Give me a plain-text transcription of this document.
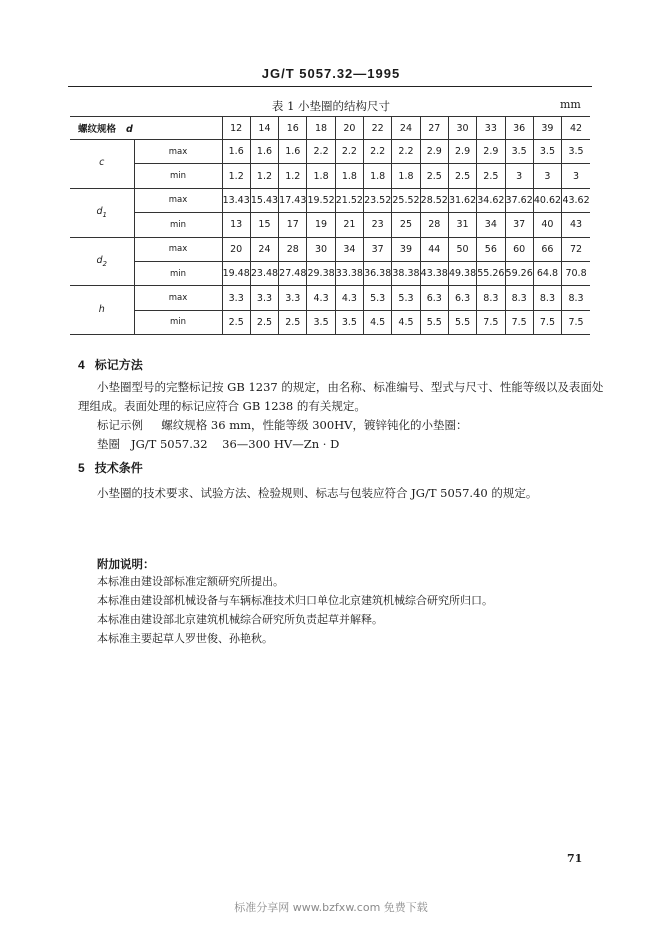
JG/T 5057.32—1995
表 1 小垫圈的结构尺寸	mm
螺纹规格 d		12	14	16	18	20	22	24	27	30	33	36	39	42
c	max	1.6	1.6	1.6	2.2	2.2	2.2	2.2	2.9	2.9	2.9	3.5	3.5	3.5
	min	1.2	1.2	1.2	1.8	1.8	1.8	1.8	2.5	2.5	2.5	3	3	3
$d_1$	max	13.43	15.43	17.43	19.52	21.52	23.52	25.52	28.52	31.62	34.62	37.62	40.62	43.62
	min	13	15	17	19	21	23	25	28	31	34	37	40	43
$d_2$	max	20	24	28	30	34	37	39	44	50	56	60	66	72
	min	19.48	23.48	27.48	29.38	33.38	36.38	38.38	43.38	49.38	55.26	59.26	64.8	70.8
h	max	3.3	3.3	3.3	4.3	4.3	5.3	5.3	6.3	6.3	8.3	8.3	8.3	8.3
	min	2.5	2.5	2.5	3.5	3.5	4.5	4.5	5.5	5.5	7.5	7.5	7.5	7.5
4 标记方法
小垫圈型号的完整标记按 GB 1237 的规定，由名称、标准编号、型式与尺寸、性能等级以及表面处
理组成。表面处理的标记应符合 GB 1238 的有关规定。
标记示例 螺纹规格 36 mm，性能等级 300HV，镀锌钝化的小垫圈：
垫圈 JG/T 5057.32 36—300 HV—Zn · D
5 技术条件
小垫圈的技术要求、试验方法、检验规则、标志与包装应符合 JG/T 5057.40 的规定。
附加说明：
本标准由建设部标准定额研究所提出。
本标准由建设部机械设备与车辆标准技术归口单位北京建筑机械综合研究所归口。
本标准由建设部北京建筑机械综合研究所负责起草并解释。
本标准主要起草人罗世俊、孙艳秋。
71
标准分享网 www.bzfxw.com 免费下载
